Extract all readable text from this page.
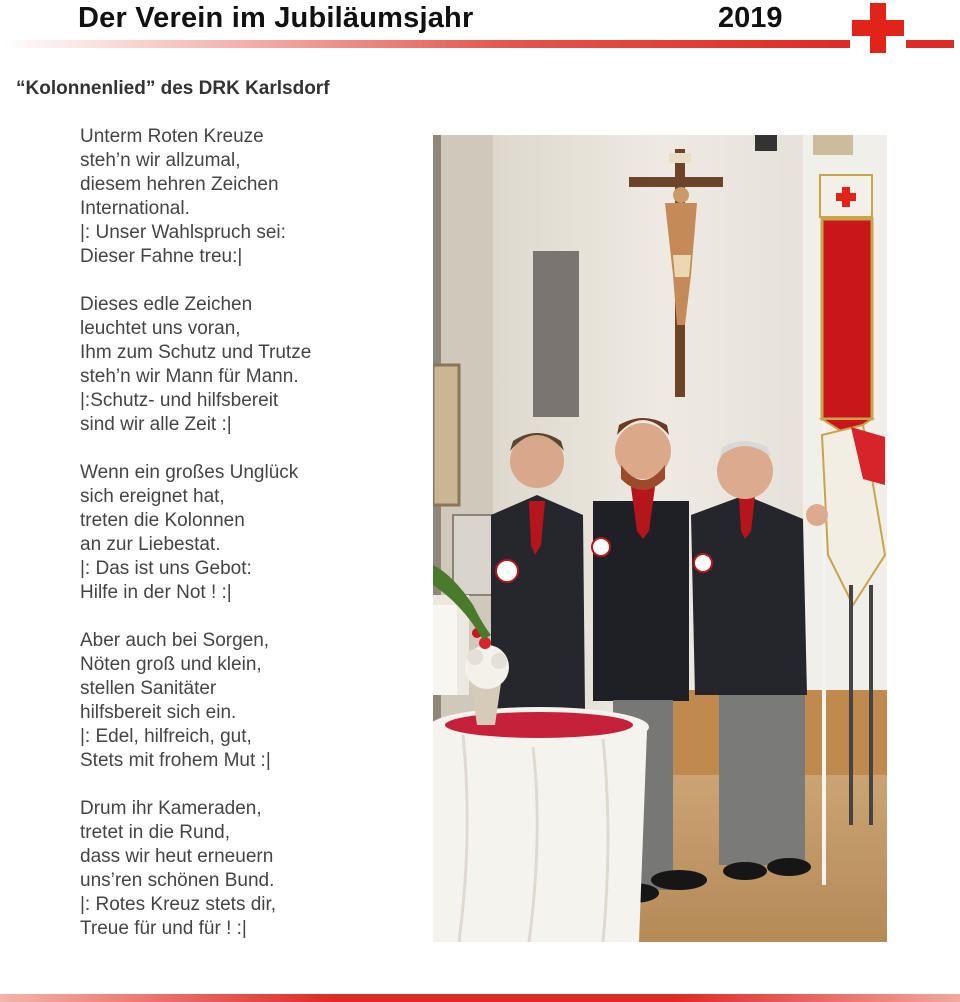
Der Verein im Jubiläumsjahr	2019
“Kolonnenlied” des DRK Karlsdorf
Unterm Roten Kreuze
steh’n wir allzumal,
diesem hehren Zeichen
International.
|: Unser Wahlspruch sei:
Dieser Fahne treu:|
Dieses edle Zeichen
leuchtet uns voran,
Ihm zum Schutz und Trutze
steh’n wir Mann für Mann.
|:Schutz- und hilfsbereit
sind wir alle Zeit :|
Wenn ein großes Unglück
sich ereignet hat,
treten die Kolonnen
an zur Liebestat.
|: Das ist uns Gebot:
Hilfe in der Not ! :|
Aber auch bei Sorgen,
Nöten groß und klein,
stellen Sanitäter
hilfsbereit sich ein.
|: Edel, hilfreich, gut,
Stets mit frohem Mut :|
Drum ihr Kameraden,
tretet in die Rund,
dass wir heut erneuern
uns’ren schönen Bund.
|: Rotes Kreuz stets dir,
Treue für und für ! :|
